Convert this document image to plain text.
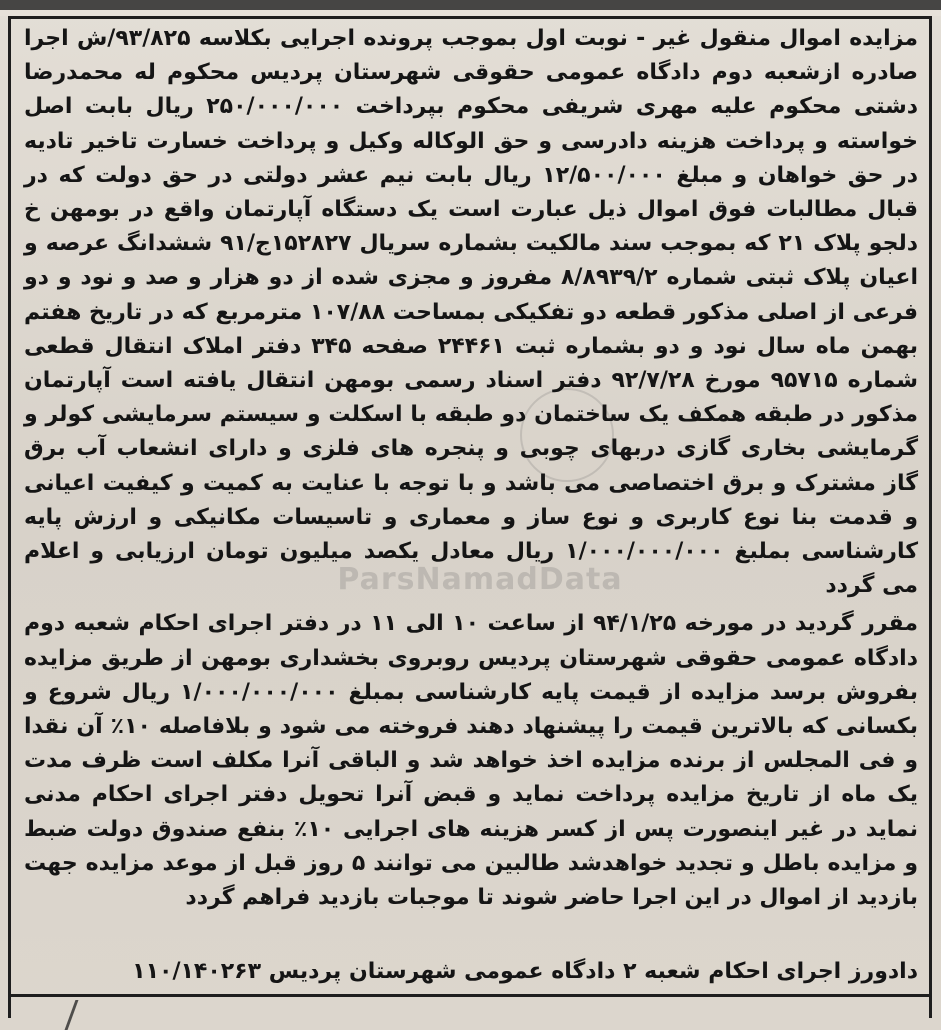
مزایده اموال منقول غیر - نوبت اول بموجب پرونده اجرایی بکلاسه ۹۳/۸۲۵/ش اجرا صادره ازشعبه دوم دادگاه عمومی حقوقی شهرستان پردیس محکوم له محمدرضا دشتی محکوم علیه مهری شریفی محکوم بپرداخت ۲۵۰/۰۰۰/۰۰۰ ریال بابت اصل خواسته و پرداخت هزینه دادرسی و حق الوکاله وکیل و پرداخت خسارت تاخیر تادیه در حق خواهان و مبلغ ۱۲/۵۰۰/۰۰۰ ریال بابت نیم عشر دولتی در حق دولت که در قبال مطالبات فوق اموال ذیل عبارت است یک دستگاه آپارتمان واقع در بومهن خ دلجو پلاک ۲۱ که بموجب سند مالکیت بشماره سریال ۱۵۲۸۲۷ج/۹۱ ششدانگ عرصه و اعیان پلاک ثبتی شماره ۸/۸۹۳۹/۲ مفروز و مجزی شده از دو هزار و صد و نود و دو فرعی از اصلی مذکور قطعه دو تفکیکی بمساحت ۱۰۷/۸۸ مترمربع که در تاریخ هفتم بهمن ماه سال نود و دو بشماره ثبت ۲۴۴۶۱ صفحه ۳۴۵ دفتر املاک انتقال قطعی شماره ۹۵۷۱۵ مورخ ۹۲/۷/۲۸ دفتر اسناد رسمی بومهن انتقال یافته است آپارتمان مذکور در طبقه همکف یک ساختمان دو طبقه با اسکلت و سیستم سرمایشی کولر و گرمایشی بخاری گازی دربهای چوبی و پنجره های فلزی و دارای انشعاب آب برق گاز مشترک و برق اختصاصی می باشد و با توجه با عنایت به کمیت و کیفیت اعیانی و قدمت بنا نوع کاربری و نوع ساز و معماری و تاسیسات مکانیکی و ارزش پایه کارشناسی بملبغ ۱/۰۰۰/۰۰۰/۰۰۰ ریال معادل یکصد میلیون تومان ارزیابی و اعلام می گردد

مقرر گردید در مورخه ۹۴/۱/۲۵ از ساعت ۱۰ الی ۱۱ در دفتر اجرای احکام شعبه دوم دادگاه عمومی حقوقی شهرستان پردیس روبروی بخشداری بومهن از طریق مزایده بفروش برسد مزایده از قیمت پایه کارشناسی بمبلغ ۱/۰۰۰/۰۰۰/۰۰۰ ریال شروع و بکسانی که بالاترین قیمت را پیشنهاد دهند فروخته می شود و بلافاصله ۱۰٪ آن نقدا و فی المجلس از برنده مزایده اخذ خواهد شد و الباقی آنرا مکلف است ظرف مدت یک ماه از تاریخ مزایده پرداخت نماید و قبض آنرا تحویل دفتر اجرای احکام مدنی نماید در غیر اینصورت پس از کسر هزینه های اجرایی ۱۰٪ بنفع صندوق دولت ضبط و مزایده باطل و تجدید خواهدشد طالبین می توانند ۵ روز قبل از موعد مزایده جهت بازدید از اموال در این اجرا حاضر شوند تا موجبات بازدید فراهم گردد

ParsNamadData
دادورز اجرای احکام شعبه ۲ دادگاه عمومی شهرستان پردیس ۱۱۰/۱۴۰۲۶۳
